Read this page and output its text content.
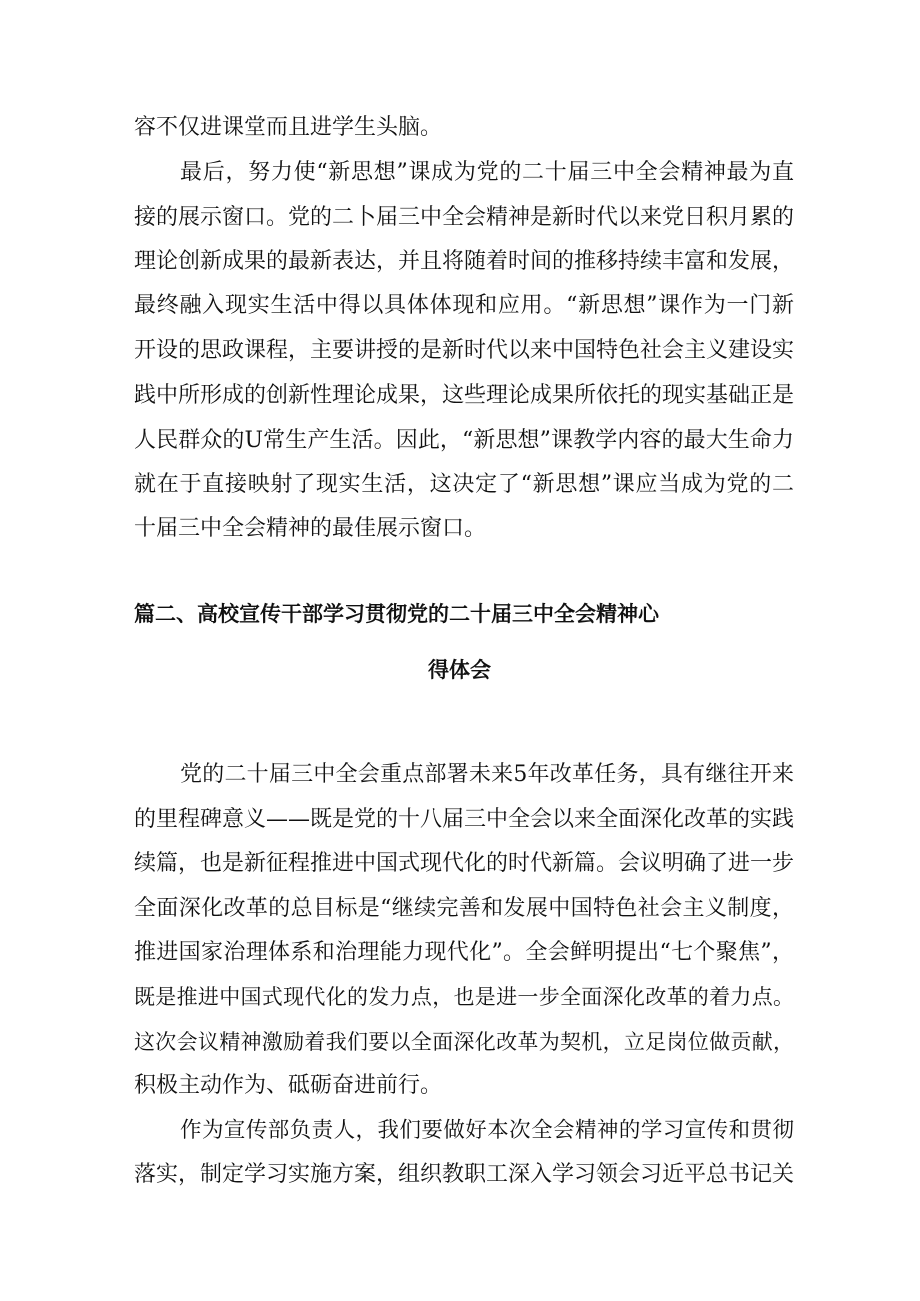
容不仅进课堂而且进学生头脑。
最后，努力使“新思想”课成为党的二十届三中全会精神最为直
接的展示窗口。党的二卜届三中全会精神是新时代以来党日积月累的
理论创新成果的最新表达，并且将随着时间的推移持续丰富和发展，
最终融入现实生活中得以具体体现和应用。“新思想”课作为一门新
开设的思政课程，主要讲授的是新时代以来中国特色社会主义建设实
践中所形成的创新性理论成果，这些理论成果所依托的现实基础正是
人民群众的U常生产生活。因此，“新思想”课教学内容的最大生命力
就在于直接映射了现实生活，这决定了“新思想”课应当成为党的二
十届三中全会精神的最佳展示窗口。
篇二、高校宣传干部学习贯彻党的二十届三中全会精神心
得体会
党的二十届三中全会重点部署未来5年改革任务，具有继往开来
的里程碑意义——既是党的十八届三中全会以来全面深化改革的实践
续篇，也是新征程推进中国式现代化的时代新篇。会议明确了进一步
全面深化改革的总目标是“继续完善和发展中国特色社会主义制度，
推进国家治理体系和治理能力现代化”。全会鲜明提出“七个聚焦”，
既是推进中国式现代化的发力点，也是进一步全面深化改革的着力点。
这次会议精神激励着我们要以全面深化改革为契机，立足岗位做贡献，
积极主动作为、砥砺奋进前行。
作为宣传部负责人，我们要做好本次全会精神的学习宣传和贯彻
落实，制定学习实施方案，组织教职工深入学习领会习近平总书记关
